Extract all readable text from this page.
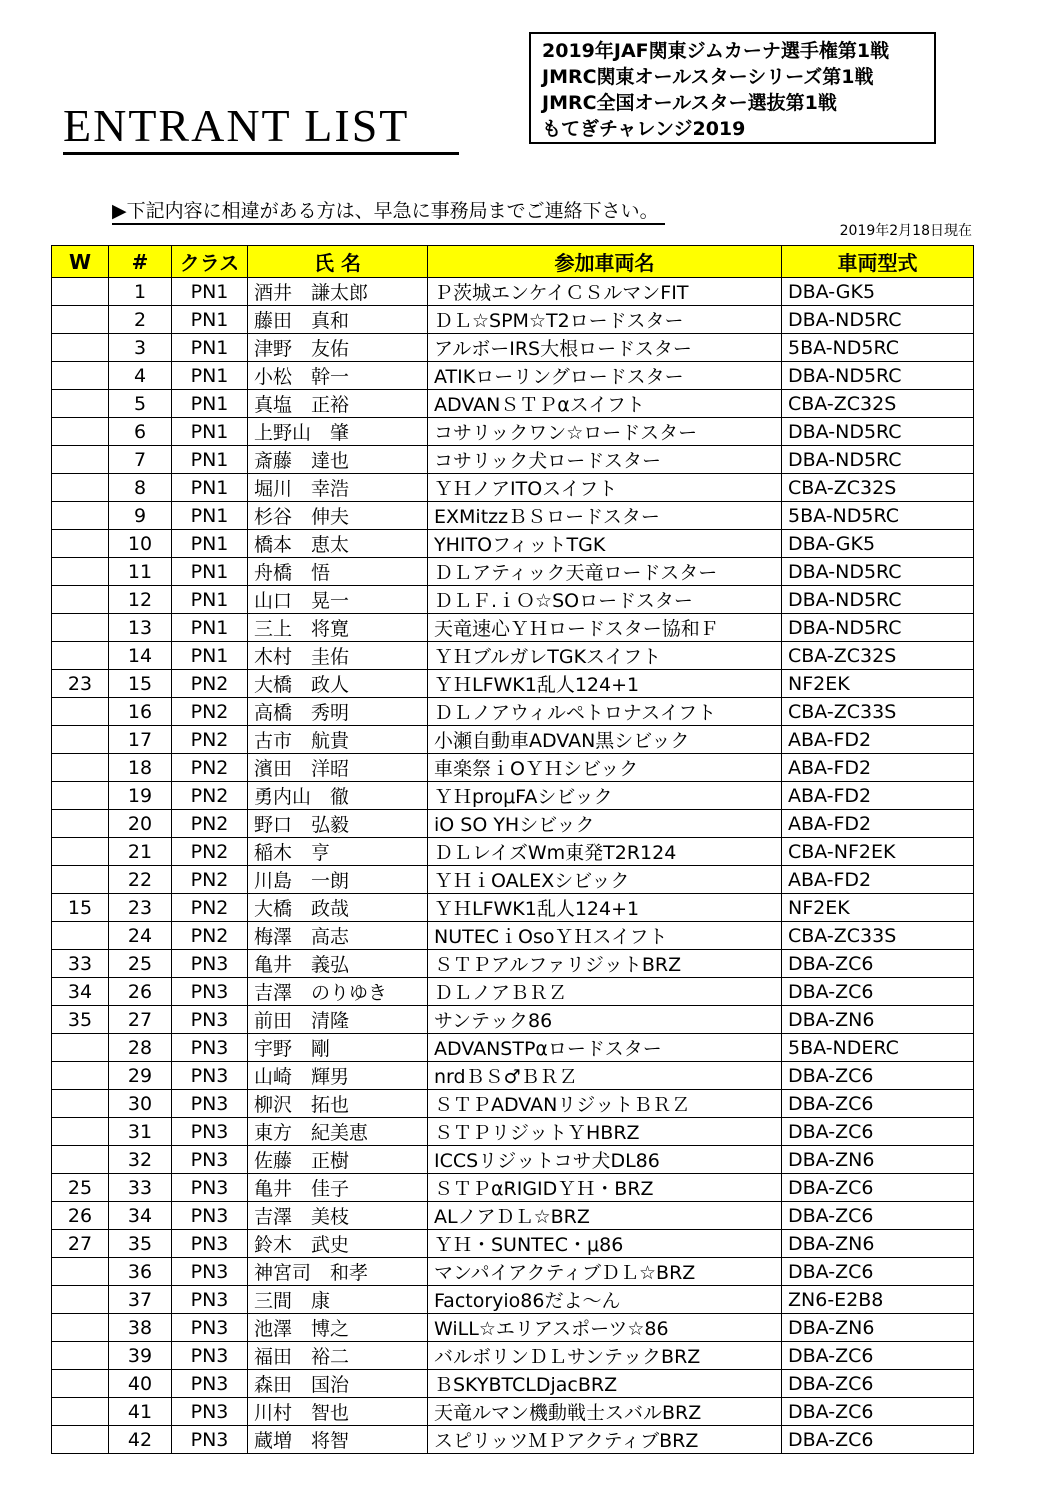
ENTRANT LIST
2019年JAF関東ジムカーナ選手権第1戦
JMRC関東オールスターシリーズ第1戦
JMRC全国オールスター選抜第1戦
もてぎチャレンジ2019
▶下記内容に相違がある方は、早急に事務局までご連絡下さい。
2019年2月18日現在
W	#	クラス	氏 名	参加車両名	車両型式
	1	PN1	酒井　謙太郎	Ｐ茨城エンケイＣＳルマンFIT	DBA-GK5
	2	PN1	藤田　真和	ＤＬ☆SPM☆T2ロードスター	DBA-ND5RC
	3	PN1	津野　友佑	アルボーIRS大根ロードスター	5BA-ND5RC
	4	PN1	小松　幹一	ATIKローリングロードスター	DBA-ND5RC
	5	PN1	真塩　正裕	ADVANＳＴＰαスイフト	CBA-ZC32S
	6	PN1	上野山　肇	コサリックワン☆ロードスター	DBA-ND5RC
	7	PN1	斎藤　達也	コサリック犬ロードスター	DBA-ND5RC
	8	PN1	堀川　幸浩	ＹＨノアITOスイフト	CBA-ZC32S
	9	PN1	杉谷　伸夫	EXMitzzＢＳロードスター	5BA-ND5RC
	10	PN1	橋本　恵太	YHITOフィットTGK	DBA-GK5
	11	PN1	舟橋　悟	ＤＬアティック天竜ロードスター	DBA-ND5RC
	12	PN1	山口　晃一	ＤＬＦ.ｉＯ☆SOロードスター	DBA-ND5RC
	13	PN1	三上　将寛	天竜速心ＹＨロードスター協和Ｆ	DBA-ND5RC
	14	PN1	木村　圭佑	ＹＨブルガレTGKスイフト	CBA-ZC32S
23	15	PN2	大橋　政人	ＹＨLFWK1乱人124+1	NF2EK
	16	PN2	高橋　秀明	ＤＬノアウィルペトロナスイフト	CBA-ZC33S
	17	PN2	古市　航貴	小瀬自動車ADVAN黒シビック	ABA-FD2
	18	PN2	濱田　洋昭	車楽祭ｉOＹＨシビック	ABA-FD2
	19	PN2	勇内山　徹	ＹＨproμFAシビック	ABA-FD2
	20	PN2	野口　弘毅	iO SO YHシビック	ABA-FD2
	21	PN2	稲木　亨	ＤＬレイズWm東発T2R124	CBA-NF2EK
	22	PN2	川島　一朗	ＹＨｉOALEXシビック	ABA-FD2
15	23	PN2	大橋　政哉	ＹＨLFWK1乱人124+1	NF2EK
	24	PN2	梅澤　高志	NUTECｉOsoＹＨスイフト	CBA-ZC33S
33	25	PN3	亀井　義弘	ＳＴＰアルファリジットBRZ	DBA-ZC6
34	26	PN3	吉澤　のりゆき	ＤＬノアＢＲＺ	DBA-ZC6
35	27	PN3	前田　清隆	サンテック86	DBA-ZN6
	28	PN3	宇野　剛	ADVANSTPαロードスター	5BA-NDERC
	29	PN3	山崎　輝男	nrdＢＳ♂ＢＲＺ	DBA-ZC6
	30	PN3	柳沢　拓也	ＳＴＰADVANリジットＢＲＺ	DBA-ZC6
	31	PN3	東方　紀美恵	ＳＴＰリジットＹHBRZ	DBA-ZC6
	32	PN3	佐藤　正樹	ICCSリジットコサ犬DL86	DBA-ZN6
25	33	PN3	亀井　佳子	ＳＴＰαRIGIDＹＨ・BRZ	DBA-ZC6
26	34	PN3	吉澤　美枝	ALノアＤＬ☆BRZ	DBA-ZC6
27	35	PN3	鈴木　武史	ＹＨ・SUNTEC・μ86	DBA-ZN6
	36	PN3	神宮司　和孝	マンパイアクティブＤＬ☆BRZ	DBA-ZC6
	37	PN3	三間　康	Factoryio86だよ～ん	ZN6-E2B8
	38	PN3	池澤　博之	WiLL☆エリアスポーツ☆86	DBA-ZN6
	39	PN3	福田　裕二	バルボリンＤＬサンテックBRZ	DBA-ZC6
	40	PN3	森田　国治	ＢSKYBTCLDjacBRZ	DBA-ZC6
	41	PN3	川村　智也	天竜ルマン機動戦士スバルBRZ	DBA-ZC6
	42	PN3	蔵増　将智	スピリッツＭＰアクティブBRZ	DBA-ZC6
